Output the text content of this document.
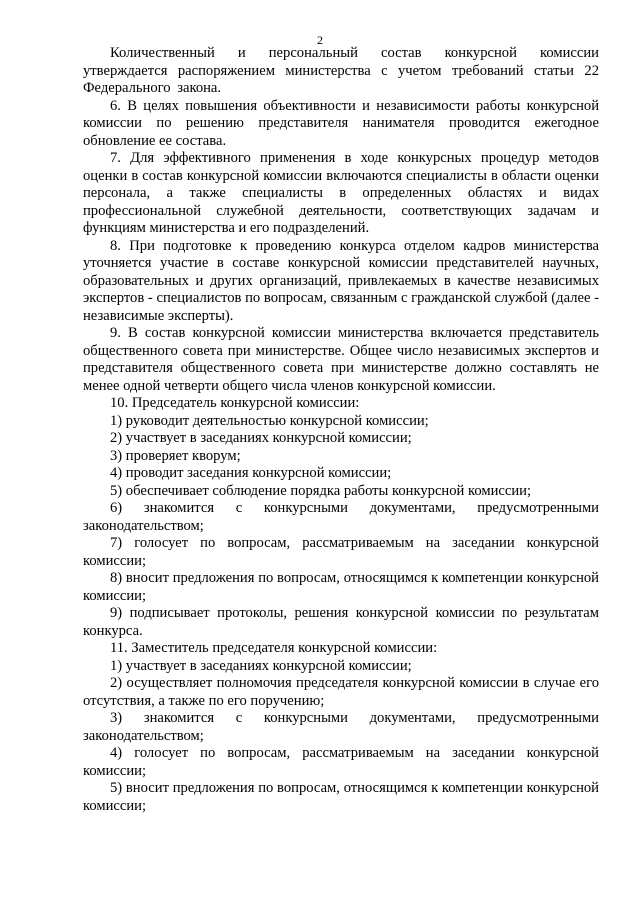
2

Количественный и персональный состав конкурсной комиссии утверждается распоряжением министерства с учетом требований статьи 22 Федерального закона.

6. В целях повышения объективности и независимости работы конкурсной комиссии по решению представителя нанимателя проводится ежегодное обновление ее состава.

7. Для эффективного применения в ходе конкурсных процедур методов оценки в состав конкурсной комиссии включаются специалисты в области оценки персонала, а также специалисты в определенных областях и видах профессиональной служебной деятельности, соответствующих задачам и функциям министерства и его подразделений.

8. При подготовке к проведению конкурса отделом кадров министерства уточняется участие в составе конкурсной комиссии представителей научных, образовательных и других организаций, привлекаемых в качестве независимых экспертов - специалистов по вопросам, связанным с гражданской службой (далее - независимые эксперты).

9. В состав конкурсной комиссии министерства включается представитель общественного совета при министерстве. Общее число независимых экспертов и представителя общественного совета при министерстве должно составлять не менее одной четверти общего числа членов конкурсной комиссии.

10. Председатель конкурсной комиссии:

1) руководит деятельностью конкурсной комиссии;

2) участвует в заседаниях конкурсной комиссии;

3) проверяет кворум;

4) проводит заседания конкурсной комиссии;

5) обеспечивает соблюдение порядка работы конкурсной комиссии;

6) знакомится с конкурсными документами, предусмотренными законодательством;

7) голосует по вопросам, рассматриваемым на заседании конкурсной комиссии;

8) вносит предложения по вопросам, относящимся к компетенции конкурсной комиссии;

9) подписывает протоколы, решения конкурсной комиссии по результатам конкурса.

11. Заместитель председателя конкурсной комиссии:

1) участвует в заседаниях конкурсной комиссии;

2) осуществляет полномочия председателя конкурсной комиссии в случае его отсутствия, а также по его поручению;

3) знакомится с конкурсными документами, предусмотренными законодательством;

4) голосует по вопросам, рассматриваемым на заседании конкурсной комиссии;

5) вносит предложения по вопросам, относящимся к компетенции конкурсной комиссии;
